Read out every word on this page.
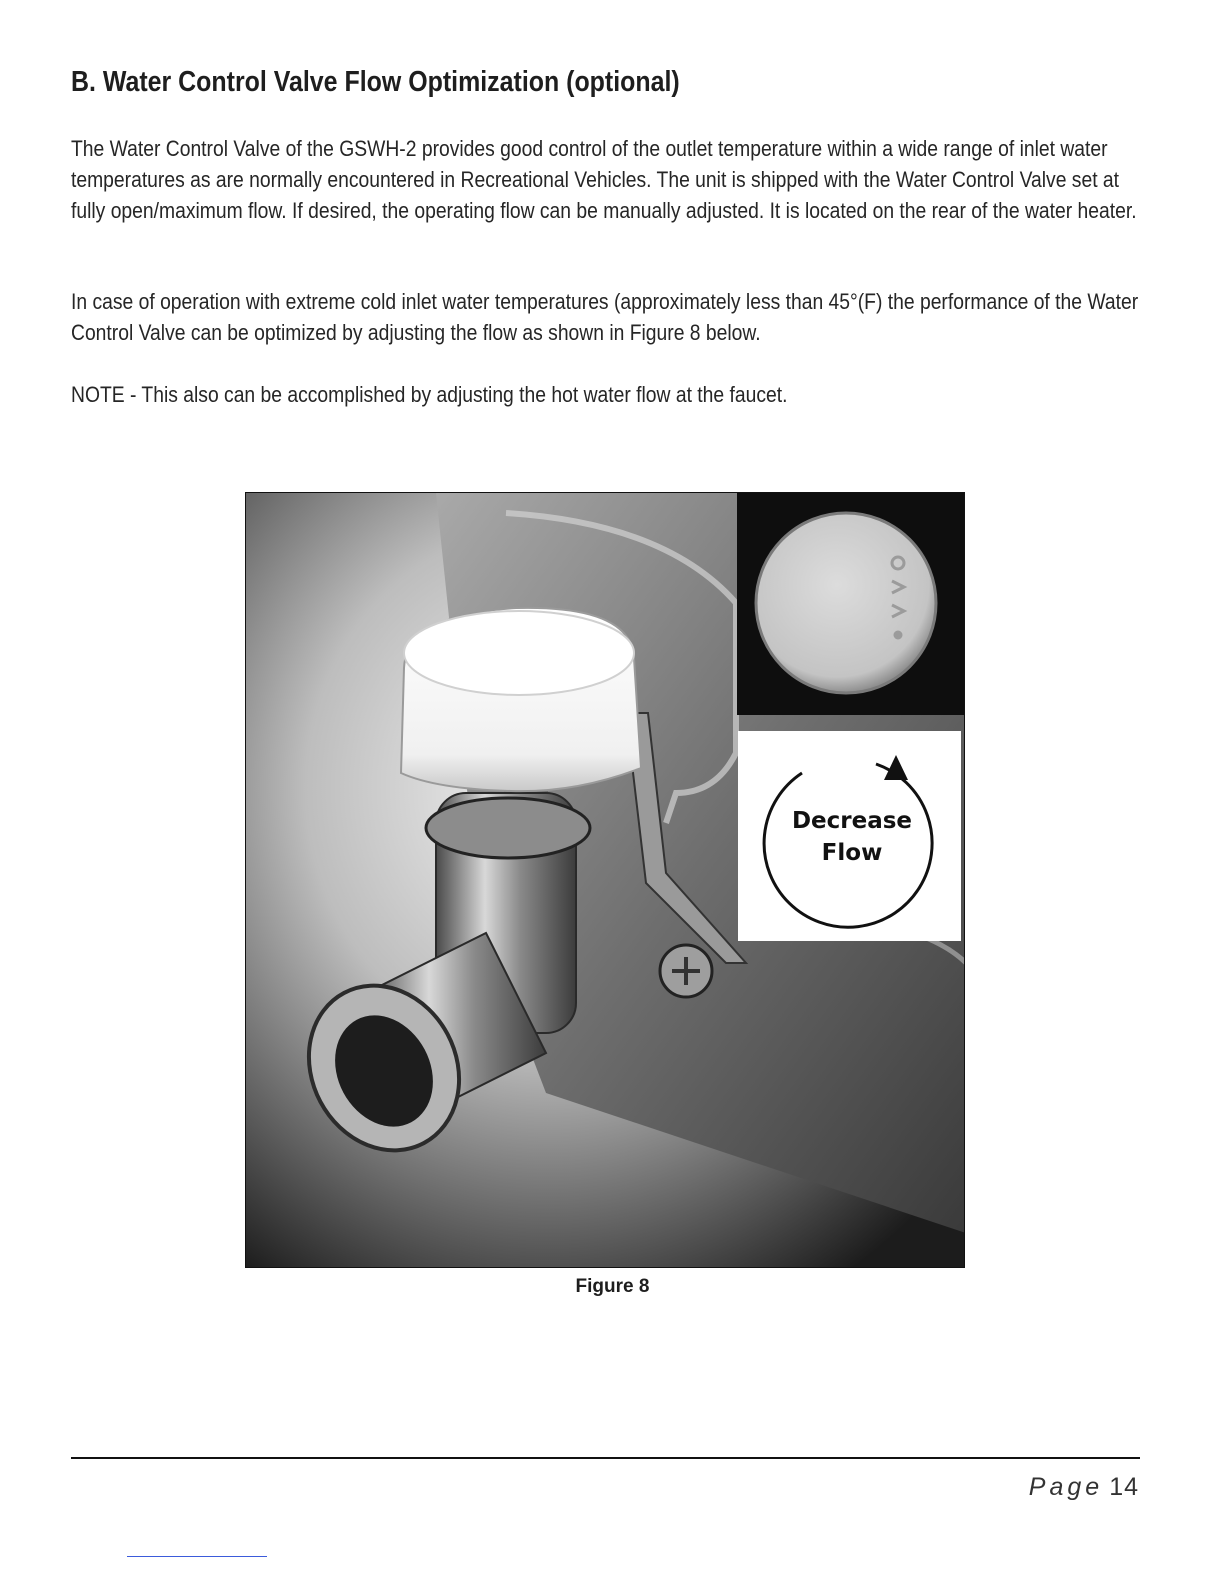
B. Water Control Valve Flow Optimization (optional)

The Water Control Valve of the GSWH-2 provides good control of the outlet temperature within a wide range of inlet water temperatures as are normally encountered in Recreational Vehicles. The unit is shipped with the Water Control Valve set at fully open/maximum flow. If desired, the operating flow can be manually adjusted. It is located on the rear of the water heater.

In case of operation with extreme cold inlet water temperatures (approximately less than 45°(F) the performance of the Water Control Valve can be optimized by adjusting the flow as shown in Figure 8 below.

NOTE - This also can be accomplished by adjusting the hot water flow at the faucet.

Decrease
Flow

Figure 8

Page 14
